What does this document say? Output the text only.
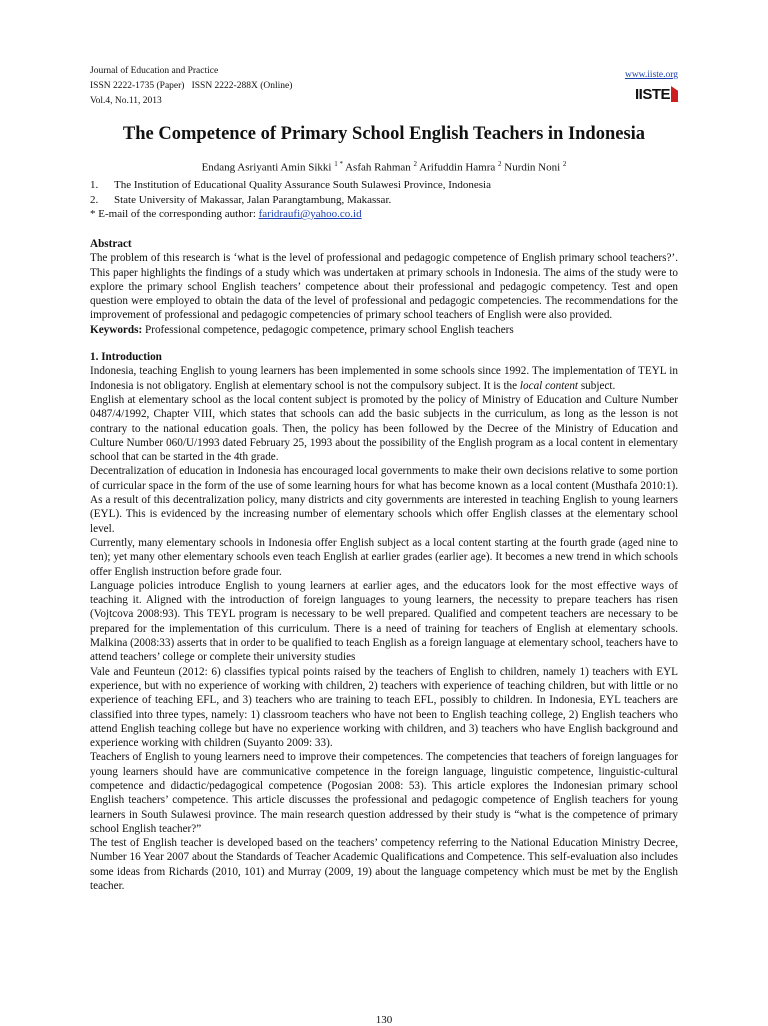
Journal of Education and Practice
ISSN 2222-1735 (Paper)   ISSN 2222-288X (Online)
Vol.4, No.11, 2013
www.iiste.org
IISTE
The Competence of Primary School English Teachers in Indonesia
Endang Asriyanti Amin Sikki $^{1 *}$ Asfah Rahman $^2$ Arifuddin Hamra $^2$ Nurdin Noni $^2$
1.	The Institution of Educational Quality Assurance South Sulawesi Province, Indonesia
2.	State University of Makassar, Jalan Parangtambung, Makassar.
* E-mail of the corresponding author: faridraufi@yahoo.co.id

Abstract

The problem of this research is ‘what is the level of professional and pedagogic competence of English primary school teachers?’. This paper highlights the findings of a study which was undertaken at primary schools in Indonesia. The aims of the study were to explore the primary school English teachers’ competence about their professional and pedagogic competency. Test and open question were employed to obtain the data of the level of professional and pedagogic competencies. The recommendations for the improvement of professional and pedagogic competencies of primary school teachers of English were also provided.

Keywords: Professional competence, pedagogic competence, primary school English teachers

1. Introduction

Indonesia, teaching English to young learners has been implemented in some schools since 1992. The implementation of TEYL in Indonesia is not obligatory. English at elementary school is not the compulsory subject. It is the local content subject.

English at elementary school as the local content subject is promoted by the policy of Ministry of Education and Culture Number 0487/4/1992, Chapter VIII, which states that schools can add the basic subjects in the curriculum, as long as the lesson is not contrary to the national education goals. Then, the policy has been followed by the Decree of the Ministry of Education and Culture Number 060/U/1993 dated February 25, 1993 about the possibility of the English program as a local content in elementary school that can be started in the 4th grade.

Decentralization of education in Indonesia has encouraged local governments to make their own decisions relative to some portion of curricular space in the form of the use of some learning hours for what has become known as a local content (Musthafa 2010:1). As a result of this decentralization policy, many districts and city governments are interested in teaching English to young learners (EYL). This is evidenced by the increasing number of elementary schools which offer English classes at the elementary school level.

Currently, many elementary schools in Indonesia offer English subject as a local content starting at the fourth grade (aged nine to ten); yet many other elementary schools even teach English at earlier grades (earlier age). It becomes a new trend in which schools offer English instruction before grade four.

Language policies introduce English to young learners at earlier ages, and the educators look for the most effective ways of teaching it. Aligned with the introduction of foreign languages to young learners, the necessity to prepare teachers has risen (Vojtcova 2008:93). This TEYL program is necessary to be well prepared. Qualified and competent teachers are necessary to be prepared for the implementation of this curriculum. There is a need of training for teachers of English at elementary schools. Malkina (2008:33) asserts that in order to be qualified to teach English as a foreign language at elementary school, teachers have to attend teachers’ college or complete their university studies

Vale and Feunteun (2012: 6) classifies typical points raised by the teachers of English to children, namely 1) teachers with EYL experience, but with no experience of working with children, 2) teachers with experience of teaching children, but with little or no experience of teaching EFL, and 3) teachers who are training to teach EFL, possibly to children. In Indonesia, EYL teachers are classified into three types, namely: 1) classroom teachers who have not been to English teaching college, 2) English teachers who attend English teaching college but have no experience working with children, and 3) teachers who have English background and experience working with children (Suyanto 2009: 33).

Teachers of English to young learners need to improve their competences. The competencies that teachers of foreign languages for young learners should have are communicative competence in the foreign language, linguistic competence, linguistic-cultural competence and didactic/pedagogical competence (Pogosian 2008: 53). This article explores the Indonesian primary school English teachers’ competence. This article discusses the professional and pedagogic competence of English teachers for young learners in South Sulawesi province. The main research question addressed by their study is “what is the competence of primary school English teacher?”

The test of English teacher is developed based on the teachers’ competency referring to the National Education Ministry Decree, Number 16 Year 2007 about the Standards of Teacher Academic Qualifications and Competence. This self-evaluation also includes some ideas from Richards (2010, 101) and Murray (2009, 19) about the language competency which must be met by the English teacher.

130
